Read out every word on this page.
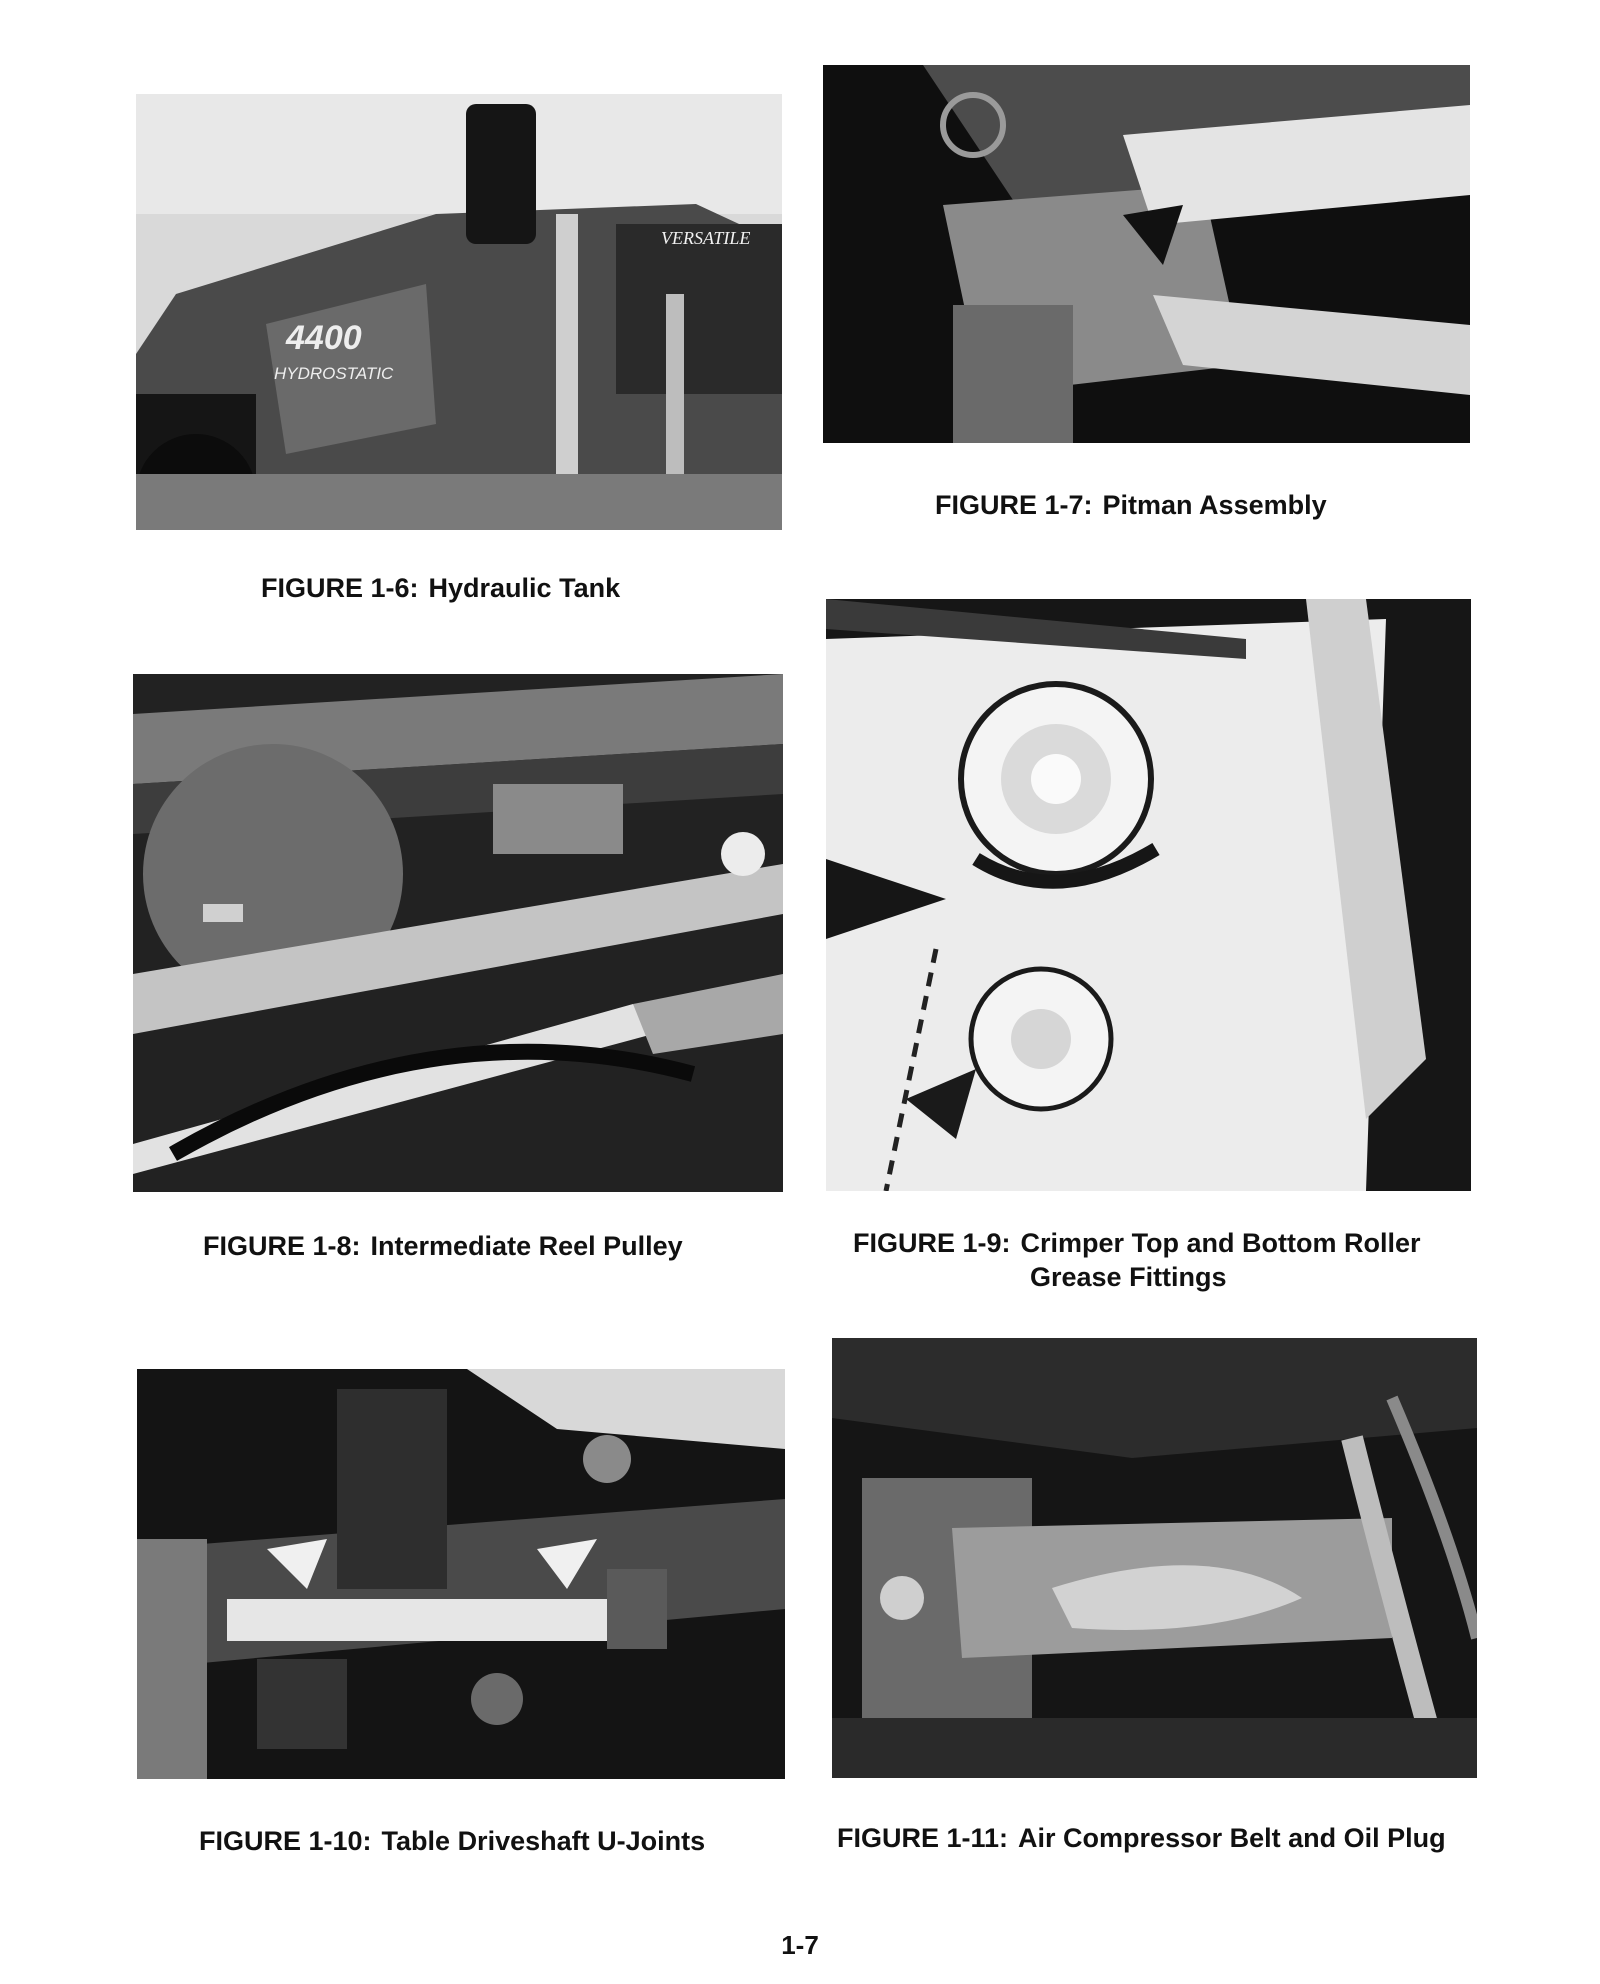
4400
HYDROSTATIC
VERSATILE
FIGURE 1-6: Hydraulic Tank
FIGURE 1-7: Pitman Assembly
FIGURE 1-8: Intermediate Reel Pulley	FIGURE 1-9: Crimper Top and Bottom Roller
Grease Fittings
FIGURE 1-10: Table Driveshaft U-Joints	FIGURE 1-11: Air Compressor Belt and Oil Plug
1-7
